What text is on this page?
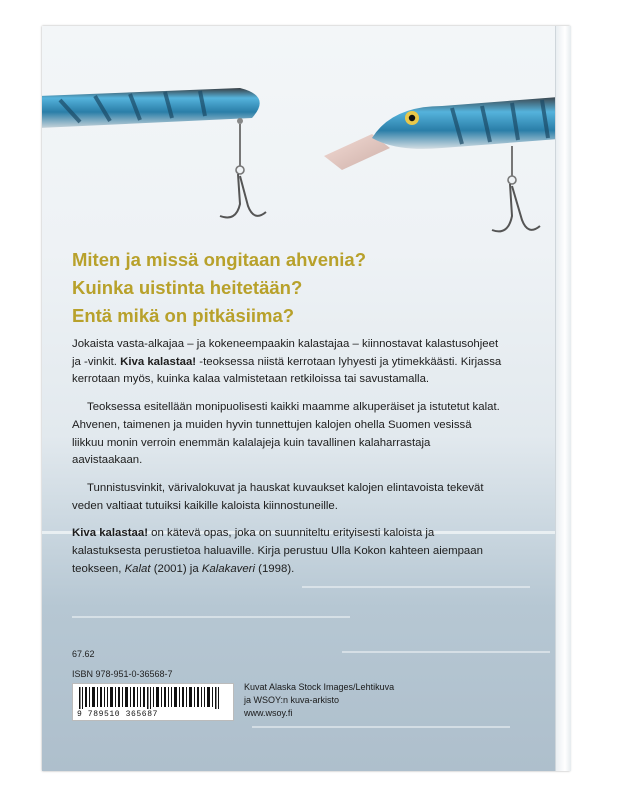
Miten ja missä ongitaan ahvenia?
Kuinka uistinta heitetään?
Entä mikä on pitkäsiima?

Jokaista vasta-alkajaa – ja kokeneempaakin kalastajaa – kiinnostavat kalastusohjeet ja -vinkit. Kiva kalastaa! -teoksessa niistä kerrotaan lyhyesti ja ytimekkäästi. Kirjassa kerrotaan myös, kuinka kalaa valmistetaan retkiloissa tai savustamalla.

Teoksessa esitellään monipuolisesti kaikki maamme alkuperäiset ja istutetut kalat. Ahvenen, taimenen ja muiden hyvin tunnettujen kalojen ohella Suomen vesissä liikkuu monin verroin enemmän kalalajeja kuin tavallinen kalaharrastaja aavistaakaan.

Tunnistusvinkit, värivalokuvat ja hauskat kuvaukset kalojen elintavoista tekevät veden valtiaat tutuiksi kaikille kaloista kiinnostuneille.

Kiva kalastaa! on kätevä opas, joka on suunniteltu erityisesti kaloista ja kalastuksesta perustietoa haluaville. Kirja perustuu Ulla Kokon kahteen aiempaan teokseen, Kalat (2001) ja Kalakaveri (1998).

67.62
ISBN 978-951-0-36568-7
9 789510 365687
Kuvat Alaska Stock Images/Lehtikuva
ja WSOY:n kuva-arkisto
www.wsoy.fi
